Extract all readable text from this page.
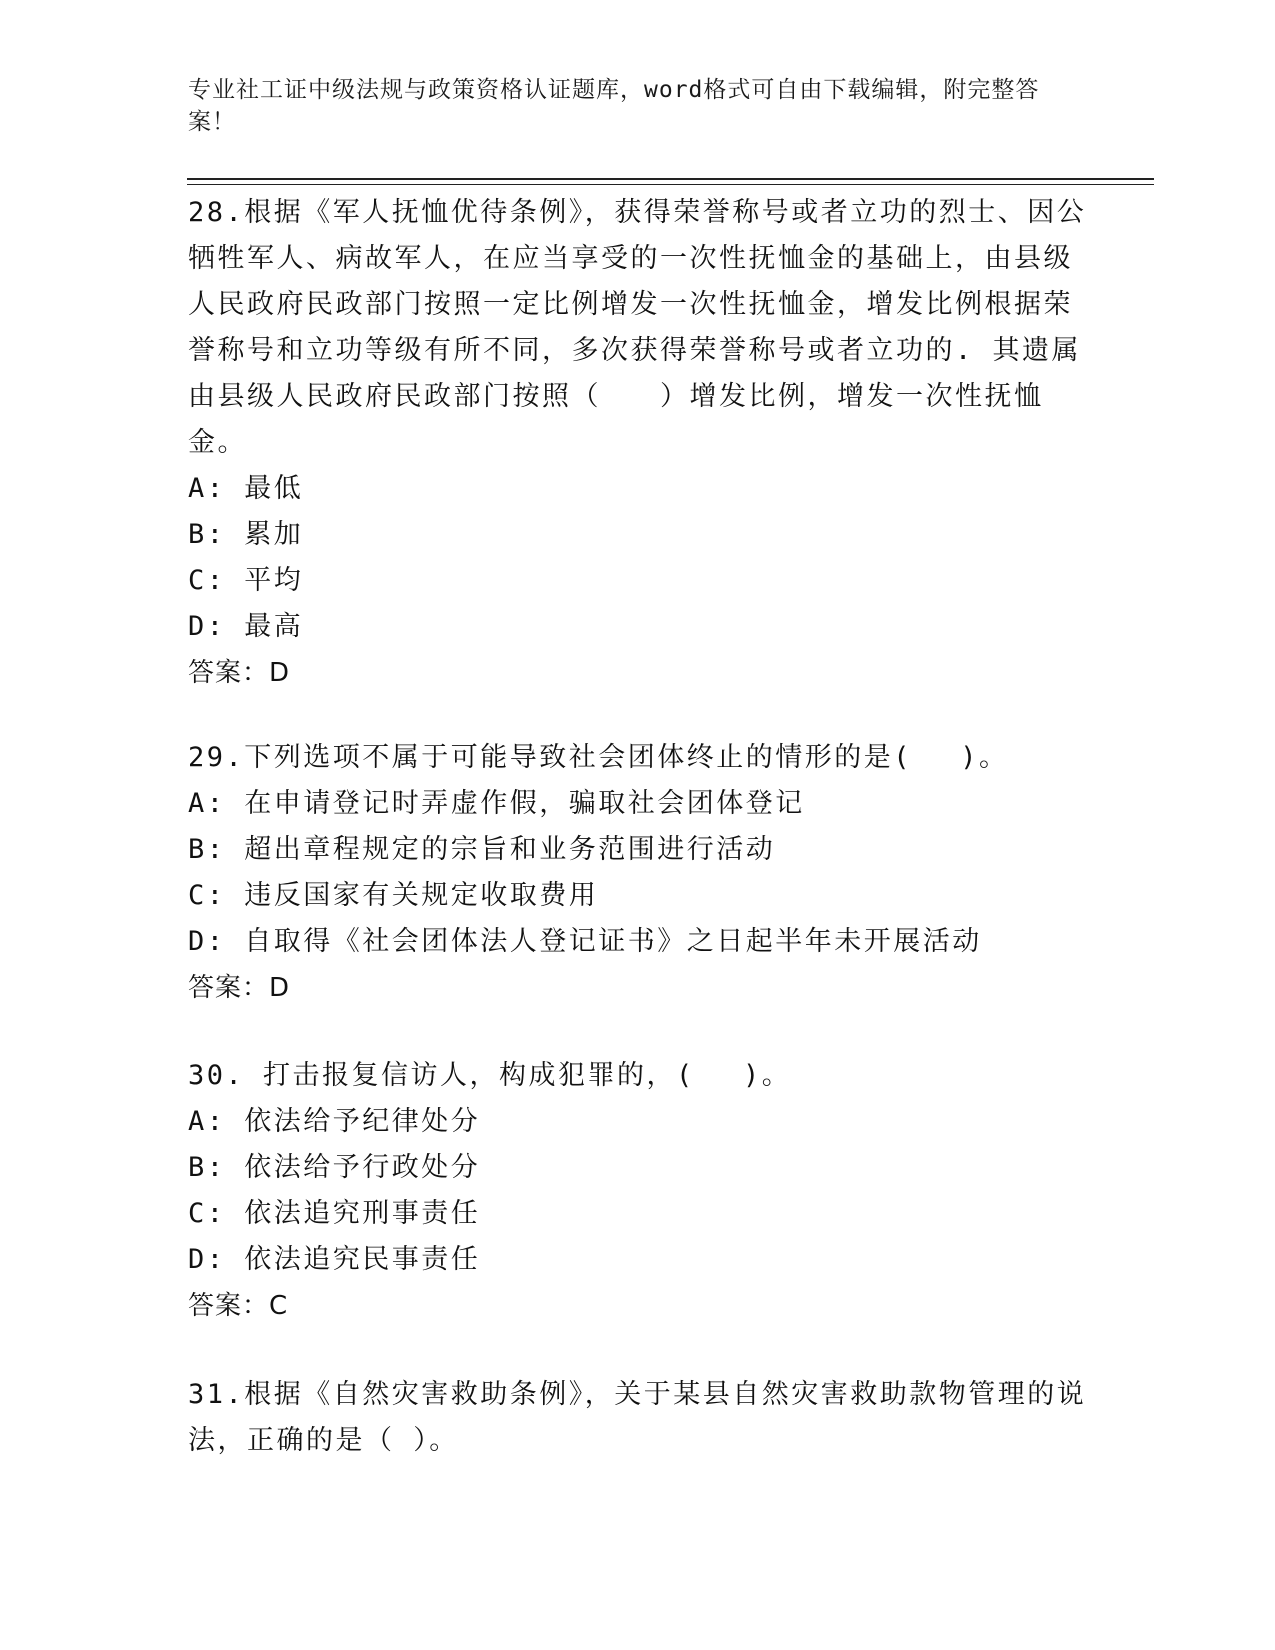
专业社工证中级法规与政策资格认证题库，word格式可自由下载编辑，附完整答案！
28.根据《军人抚恤优待条例》，获得荣誉称号或者立功的烈士、因公牺牲军人、病故军人，在应当享受的一次性抚恤金的基础上，由县级人民政府民政部门按照一定比例增发一次性抚恤金，增发比例根据荣誉称号和立功等级有所不同，多次获得荣誉称号或者立功的. 其遗属由县级人民政府民政部门按照（　　）增发比例，增发一次性抚恤金。
A: 最低
B: 累加
C: 平均
D: 最高
答案：D
29.下列选项不属于可能导致社会团体终止的情形的是(　 )。
A: 在申请登记时弄虚作假，骗取社会团体登记
B: 超出章程规定的宗旨和业务范围进行活动
C: 违反国家有关规定收取费用
D: 自取得《社会团体法人登记证书》之日起半年未开展活动
答案：D
30. 打击报复信访人，构成犯罪的，(　 )。
A: 依法给予纪律处分
B: 依法给予行政处分
C: 依法追究刑事责任
D: 依法追究民事责任
答案：C
31.根据《自然灾害救助条例》，关于某县自然灾害救助款物管理的说法，正确的是（ ）。
